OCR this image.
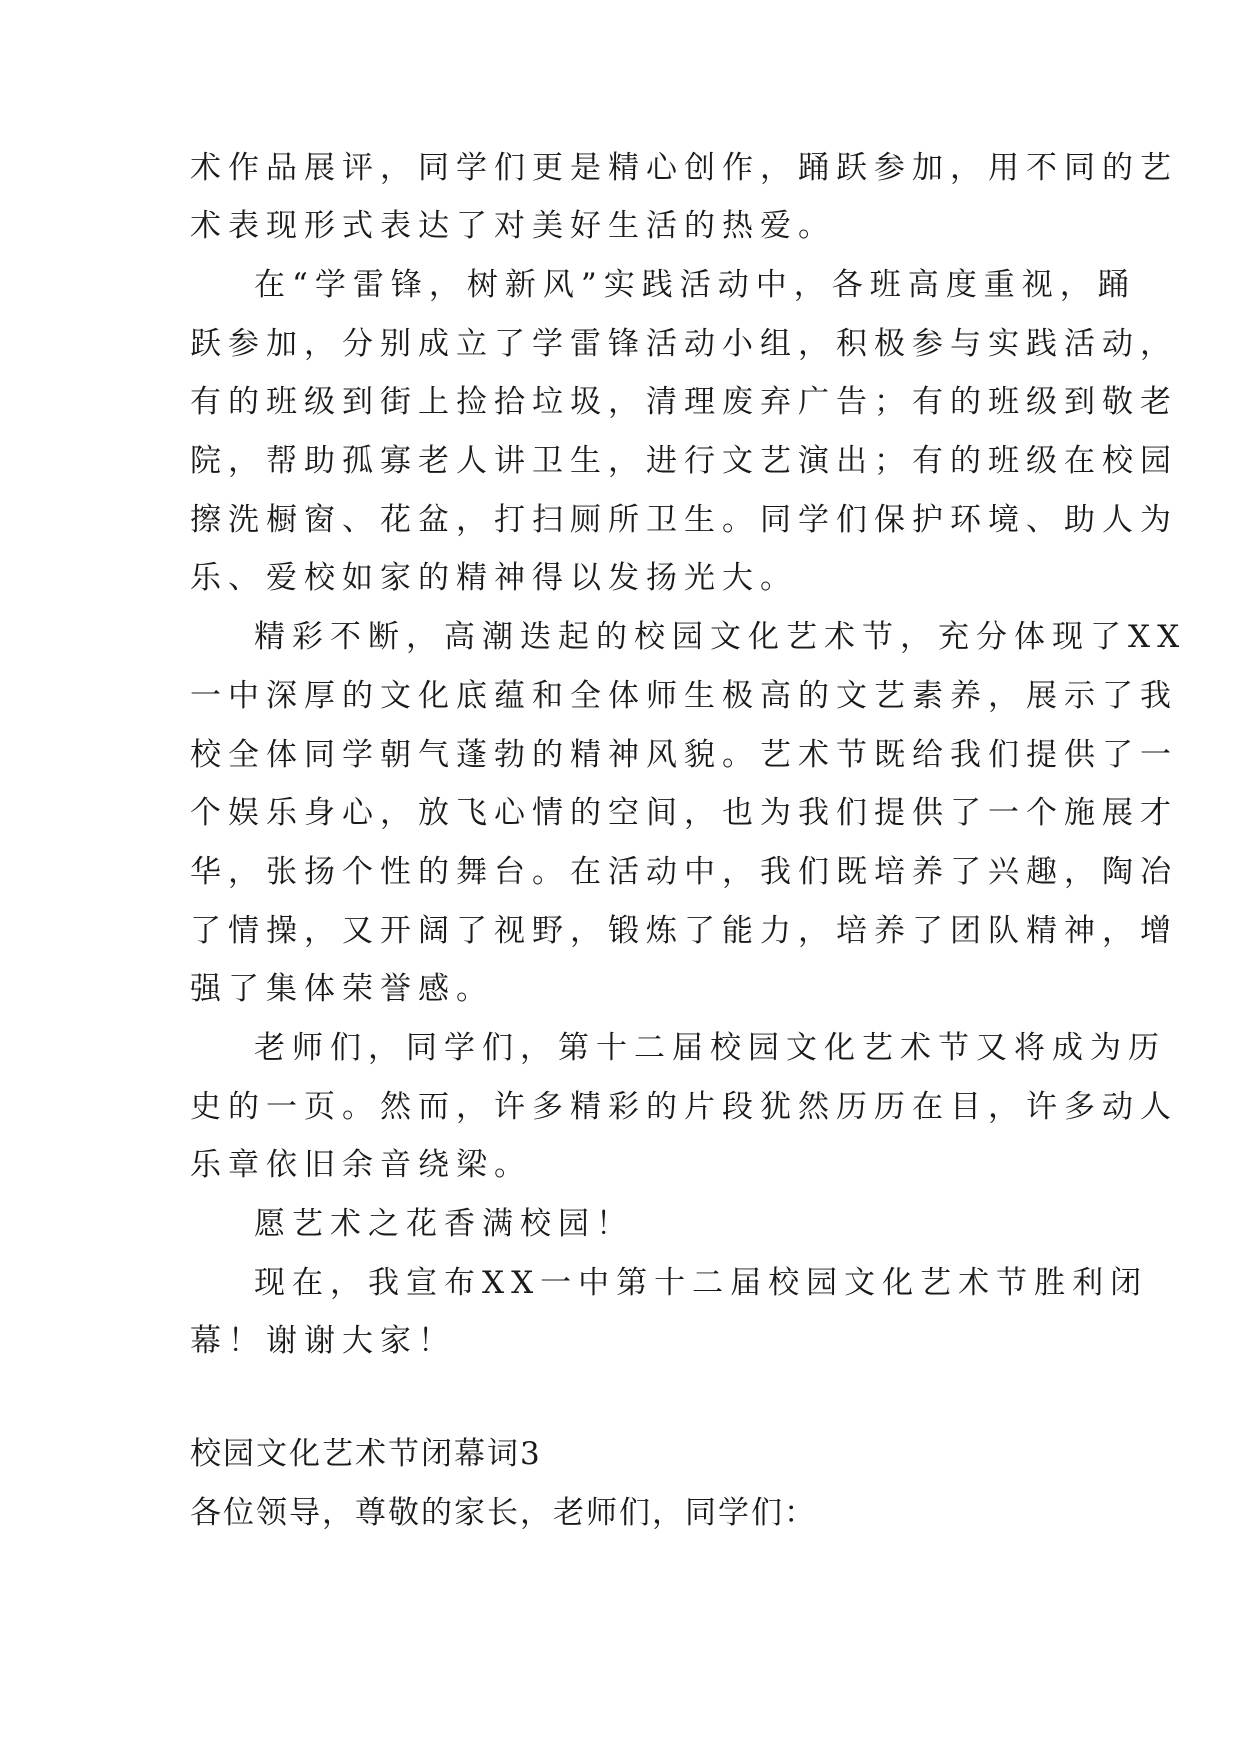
术作品展评，同学们更是精心创作，踊跃参加，用不同的艺
术表现形式表达了对美好生活的热爱。
在“学雷锋，树新风”实践活动中，各班高度重视，踊
跃参加，分别成立了学雷锋活动小组，积极参与实践活动，
有的班级到街上捡拾垃圾，清理废弃广告；有的班级到敬老
院，帮助孤寡老人讲卫生，进行文艺演出；有的班级在校园
擦洗橱窗、花盆，打扫厕所卫生。同学们保护环境、助人为
乐、爱校如家的精神得以发扬光大。
精彩不断，高潮迭起的校园文化艺术节，充分体现了XX
一中深厚的文化底蕴和全体师生极高的文艺素养，展示了我
校全体同学朝气蓬勃的精神风貌。艺术节既给我们提供了一
个娱乐身心，放飞心情的空间，也为我们提供了一个施展才
华，张扬个性的舞台。在活动中，我们既培养了兴趣，陶冶
了情操，又开阔了视野，锻炼了能力，培养了团队精神，增
强了集体荣誉感。
老师们，同学们，第十二届校园文化艺术节又将成为历
史的一页。然而，许多精彩的片段犹然历历在目，许多动人
乐章依旧余音绕梁。
愿艺术之花香满校园！
现在，我宣布XX一中第十二届校园文化艺术节胜利闭
幕！谢谢大家！
校园文化艺术节闭幕词3
各位领导，尊敬的家长，老师们，同学们：
